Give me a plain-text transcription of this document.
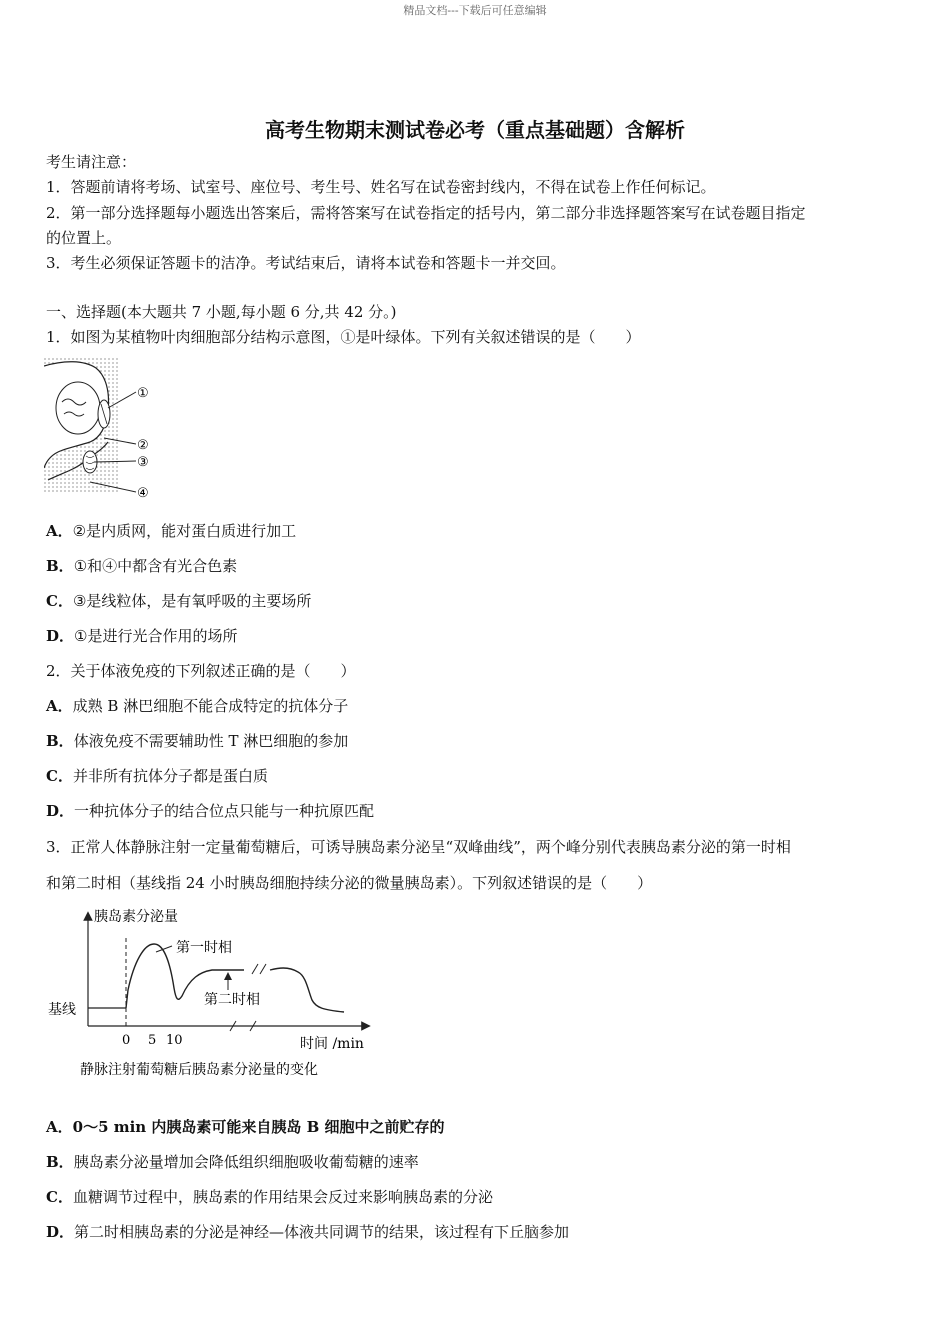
精品文档---下载后可任意编辑
高考生物期末测试卷必考（重点基础题）含解析
考生请注意：
1．答题前请将考场、试室号、座位号、考生号、姓名写在试卷密封线内，不得在试卷上作任何标记。
2．第一部分选择题每小题选出答案后，需将答案写在试卷指定的括号内，第二部分非选择题答案写在试卷题目指定
的位置上。
3．考生必须保证答题卡的洁净。考试结束后，请将本试卷和答题卡一并交回。
一、选择题(本大题共 7 小题,每小题 6 分,共 42 分。)
1．如图为某植物叶肉细胞部分结构示意图，①是叶绿体。下列有关叙述错误的是（　　）
①
②
③
④
A．②是内质网，能对蛋白质进行加工
B．①和④中都含有光合色素
C．③是线粒体，是有氧呼吸的主要场所
D．①是进行光合作用的场所
2．关于体液免疫的下列叙述正确的是（　　）
A．成熟 B 淋巴细胞不能合成特定的抗体分子
B．体液免疫不需要辅助性 T 淋巴细胞的参加
C．并非所有抗体分子都是蛋白质
D．一种抗体分子的结合位点只能与一种抗原匹配
3．正常人体静脉注射一定量葡萄糖后，可诱导胰岛素分泌呈“双峰曲线”，两个峰分别代表胰岛素分泌的第一时相
和第二时相（基线指 24 小时胰岛细胞持续分泌的微量胰岛素）。下列叙述错误的是（　　）
胰岛素分泌量
时间 /min
基线
第一时相
第二时相
0 5 10
静脉注射葡萄糖后胰岛素分泌量的变化
A．0～5 min 内胰岛素可能来自胰岛 B 细胞中之前贮存的
B．胰岛素分泌量增加会降低组织细胞吸收葡萄糖的速率
C．血糖调节过程中，胰岛素的作用结果会反过来影响胰岛素的分泌
D．第二时相胰岛素的分泌是神经—体液共同调节的结果，该过程有下丘脑参加
